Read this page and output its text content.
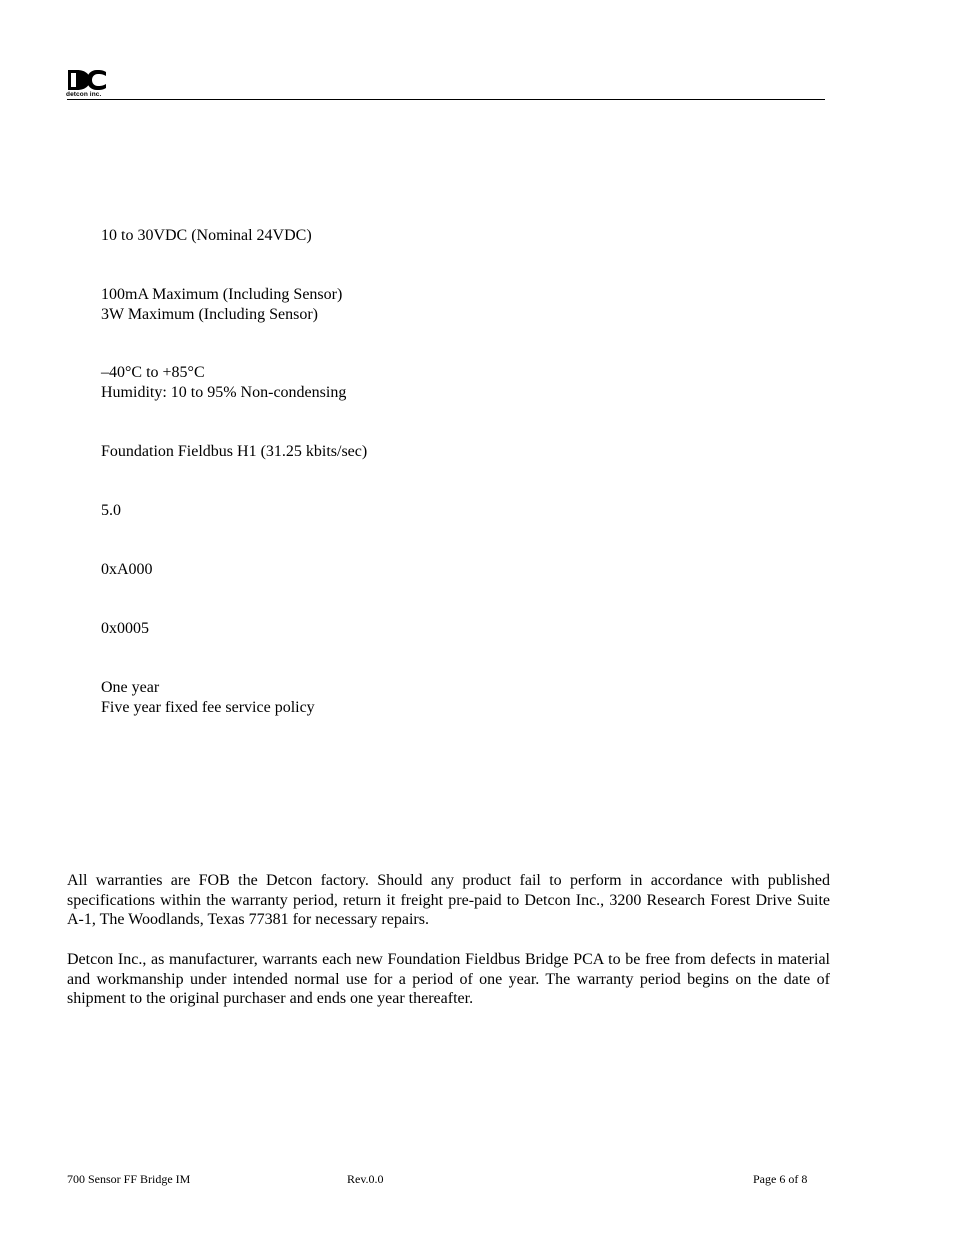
detcon inc.
10 to 30VDC (Nominal 24VDC)
100mA Maximum (Including Sensor)
3W Maximum (Including Sensor)
–40°C to +85°C
Humidity: 10 to 95% Non-condensing
Foundation Fieldbus H1 (31.25 kbits/sec)
5.0
0xA000
0x0005
One year
Five year fixed fee service policy

All warranties are FOB the Detcon factory. Should any product fail to perform in accordance with published specifications within the warranty period, return it freight pre-paid to Detcon Inc., 3200 Research Forest Drive Suite A-1, The Woodlands, Texas 77381 for necessary repairs.

Detcon Inc., as manufacturer, warrants each new Foundation Fieldbus Bridge PCA to be free from defects in material and workmanship under intended normal use for a period of one year. The warranty period begins on the date of shipment to the original purchaser and ends one year thereafter.

700 Sensor FF Bridge IM	Rev.0.0	Page 6 of 8
